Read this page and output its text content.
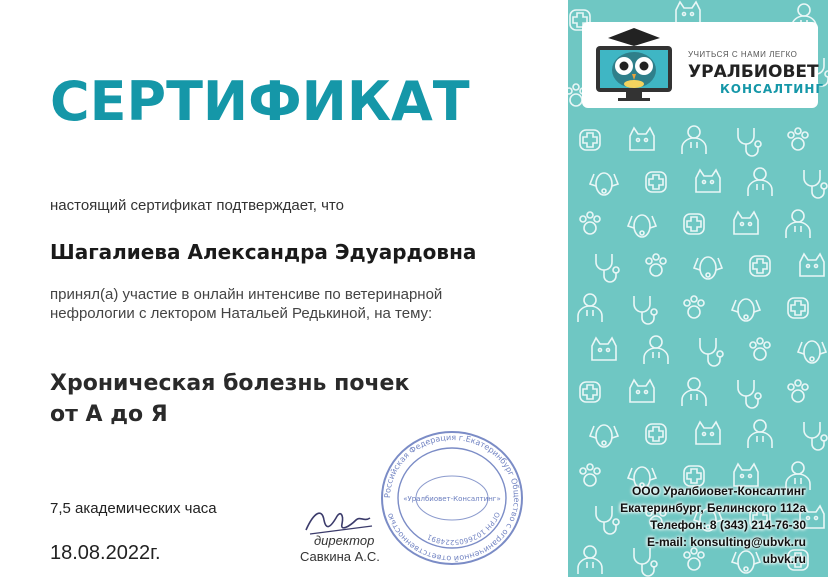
СЕРТИФИКАТ
настоящий сертификат подтверждает, что
Шагалиева Александра Эдуардовна
принял(а) участие в онлайн интенсиве по ветеринарной нефрологии с лектором Натальей Редькиной, на тему:
Хроническая болезнь почек
от А до Я
7,5 академических часа
18.08.2022г.
директор
Савкина А.С.
Российская Федерация г.Екатеринбург Общество с ограниченной ответственностью	ОГРН 1026605224891
«Уралбиовет-Консалтинг»
УЧИТЬСЯ С НАМИ ЛЕГКО
УРАЛБИОВЕТ
КОНСАЛТИНГ
ООО Уралбиовет-Консалтинг
Екатеринбург, Белинского 112а
Телефон: 8 (343) 214-76-30
E-mail: konsulting@ubvk.ru
ubvk.ru
